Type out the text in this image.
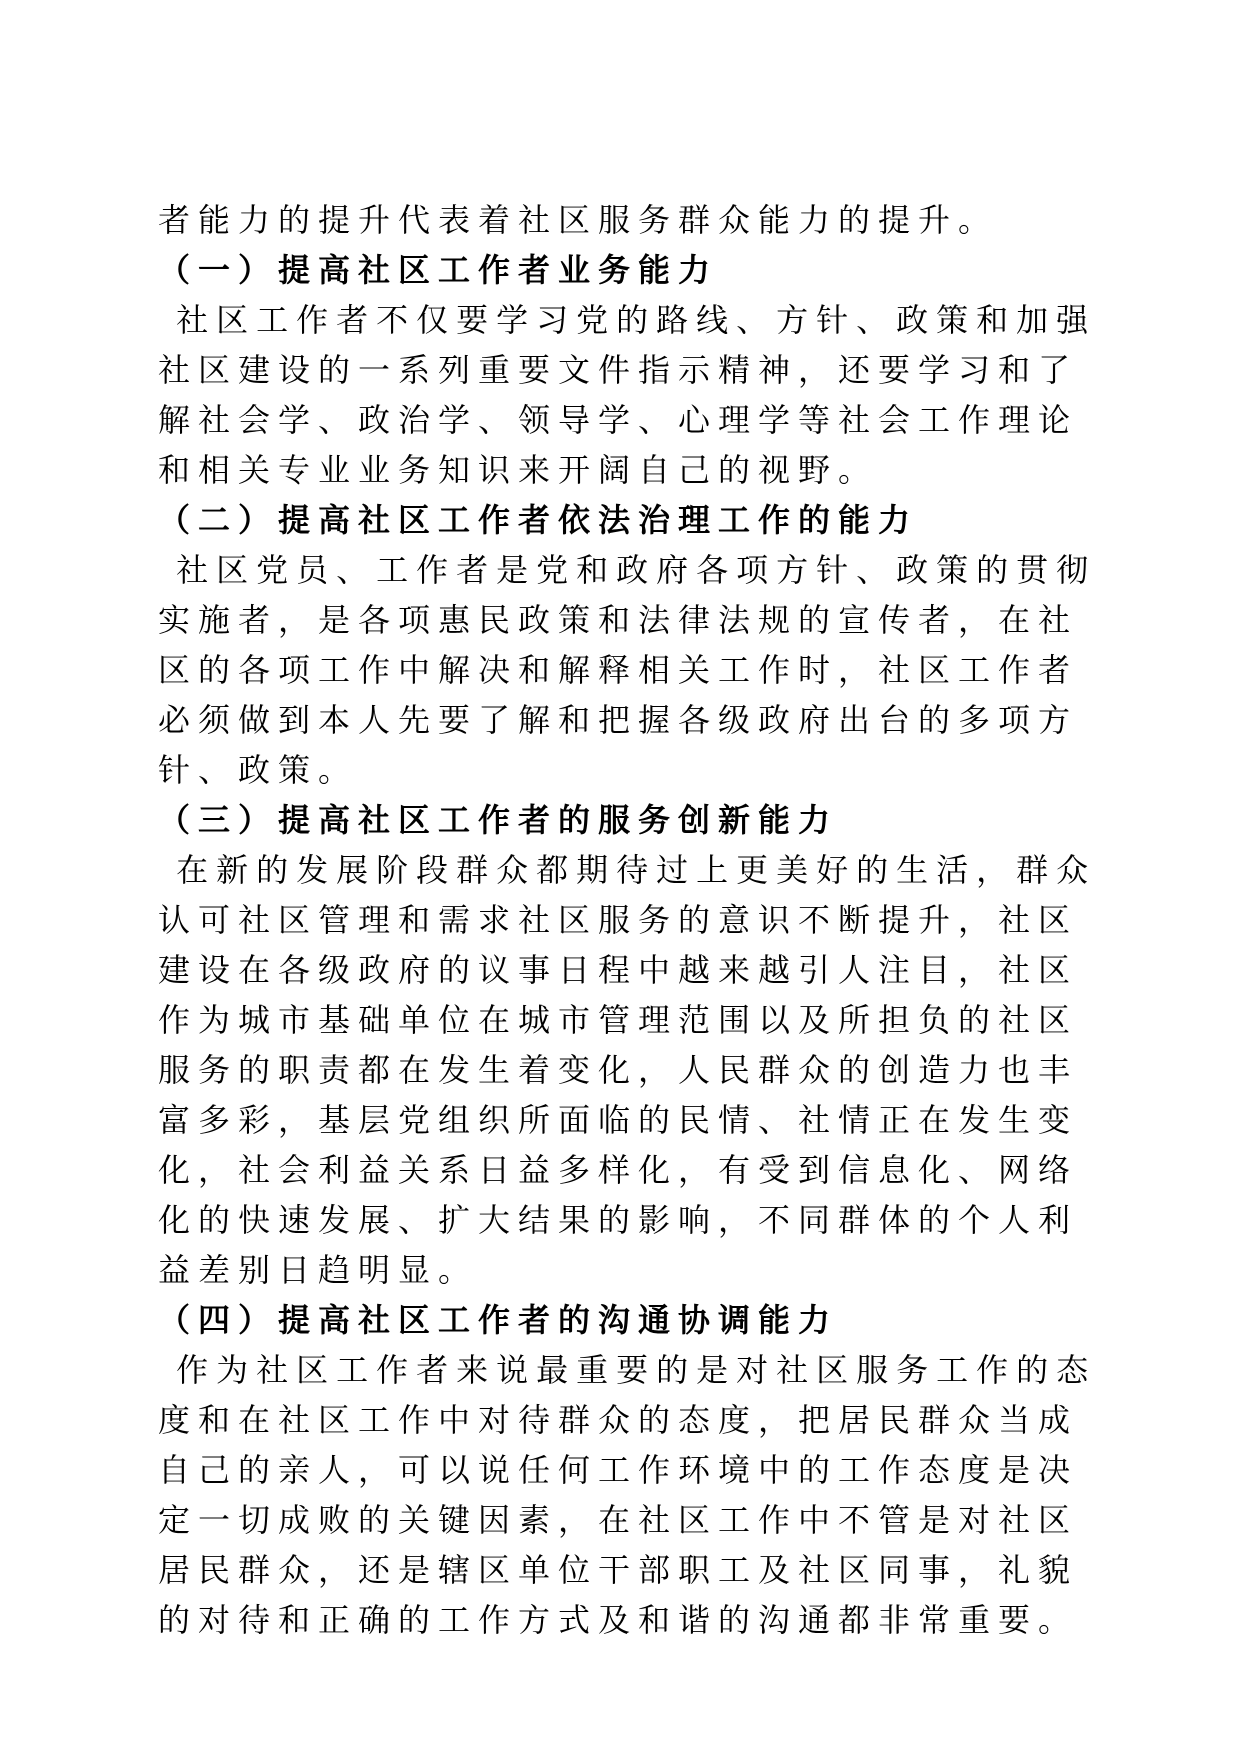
者能力的提升代表着社区服务群众能力的提升。

（一）提高社区工作者业务能力

社区工作者不仅要学习党的路线、方针、政策和加强社区建设的一系列重要文件指示精神，还要学习和了解社会学、政治学、领导学、心理学等社会工作理论和相关专业业务知识来开阔自己的视野。

（二）提高社区工作者依法治理工作的能力

社区党员、工作者是党和政府各项方针、政策的贯彻实施者，是各项惠民政策和法律法规的宣传者，在社区的各项工作中解决和解释相关工作时，社区工作者必须做到本人先要了解和把握各级政府出台的多项方针、政策。

（三）提高社区工作者的服务创新能力

在新的发展阶段群众都期待过上更美好的生活，群众认可社区管理和需求社区服务的意识不断提升，社区建设在各级政府的议事日程中越来越引人注目，社区作为城市基础单位在城市管理范围以及所担负的社区服务的职责都在发生着变化，人民群众的创造力也丰富多彩，基层党组织所面临的民情、社情正在发生变化，社会利益关系日益多样化，有受到信息化、网络化的快速发展、扩大结果的影响，不同群体的个人利益差别日趋明显。

（四）提高社区工作者的沟通协调能力

作为社区工作者来说最重要的是对社区服务工作的态度和在社区工作中对待群众的态度，把居民群众当成自己的亲人，可以说任何工作环境中的工作态度是决定一切成败的关键因素，在社区工作中不管是对社区居民群众，还是辖区单位干部职工及社区同事，礼貌的对待和正确的工作方式及和谐的沟通都非常重要。
